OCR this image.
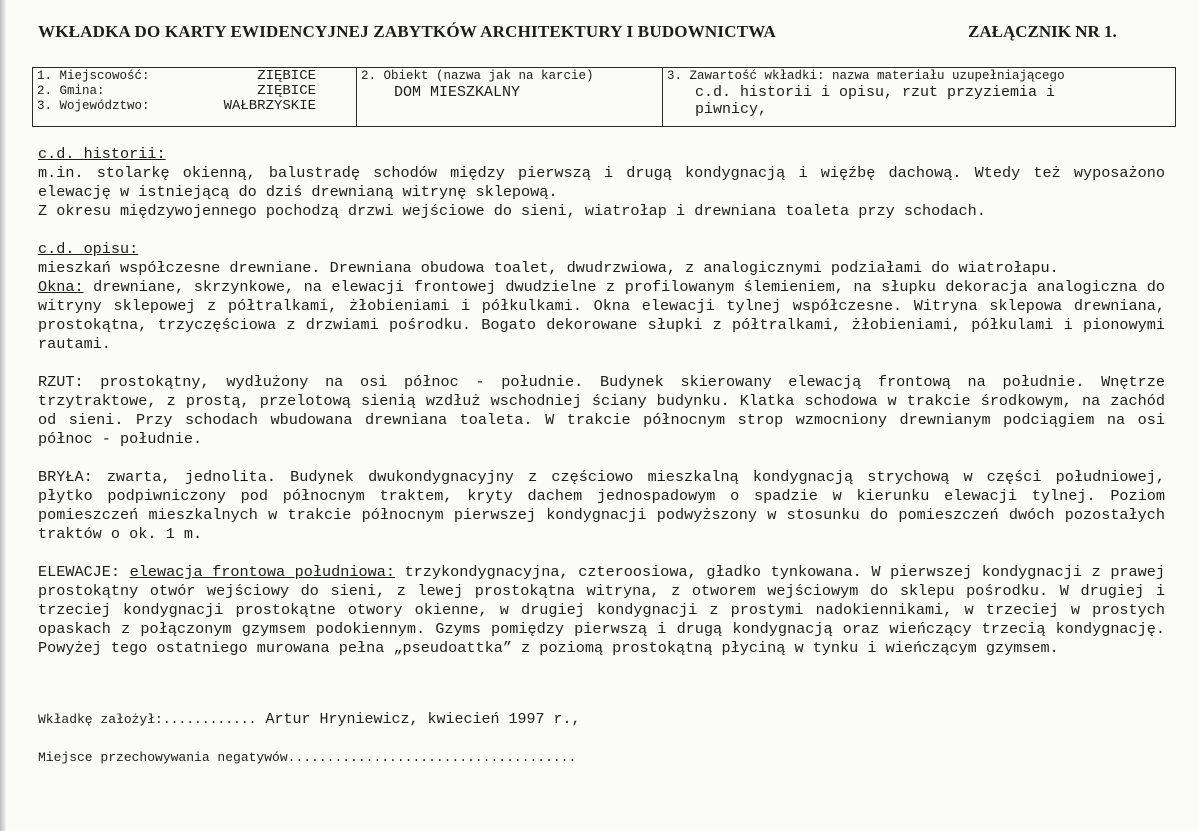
WKŁADKA DO KARTY EWIDENCYJNEJ ZABYTKÓW ARCHITEKTURY I BUDOWNICTWA	ZAŁĄCZNIK NR 1.
1. Miejscowość:	ZIĘBICE
2. Gmina:	ZIĘBICE
3. Województwo:	WAŁBRZYSKIE

2. Obiekt (nazwa jak na karcie)
DOM MIESZKALNY

3. Zawartość wkładki: nazwa materiału uzupełniającego
c.d. historii i opisu, rzut przyziemia i
piwnicy,

c.d. historii:

m.in. stolarkę okienną, balustradę schodów między pierwszą i drugą kondygnacją i więźbę dachową. Wtedy też wyposażono elewację w istniejącą do dziś drewnianą witrynę sklepową.

Z okresu międzywojennego pochodzą drzwi wejściowe do sieni, wiatrołap i drewniana toaleta przy schodach.

c.d. opisu:

mieszkań współczesne drewniane. Drewniana obudowa toalet, dwudrzwiowa, z analogicznymi podziałami do wiatrołapu.

Okna: drewniane, skrzynkowe, na elewacji frontowej dwudzielne z profilowanym ślemieniem, na słupku dekoracja analogiczna do witryny sklepowej z półtralkami, żłobieniami i półkulkami. Okna elewacji tylnej współczesne. Witryna sklepowa drewniana, prostokątna, trzyczęściowa z drzwiami pośrodku. Bogato dekorowane słupki z półtralkami, żłobieniami, półkulami i pionowymi rautami.

RZUT: prostokątny, wydłużony na osi północ - południe. Budynek skierowany elewacją frontową na południe. Wnętrze trzytraktowe, z prostą, przelotową sienią wzdłuż wschodniej ściany budynku. Klatka schodowa w trakcie środkowym, na zachód od sieni. Przy schodach wbudowana drewniana toaleta. W trakcie północnym strop wzmocniony drewnianym podciągiem na osi północ - południe.

BRYŁA: zwarta, jednolita. Budynek dwukondygnacyjny z częściowo mieszkalną kondygnacją strychową w części południowej, płytko podpiwniczony pod północnym traktem, kryty dachem jednospadowym o spadzie w kierunku elewacji tylnej. Poziom pomieszczeń mieszkalnych w trakcie północnym pierwszej kondygnacji podwyższony w stosunku do pomieszczeń dwóch pozostałych traktów o ok. 1 m.

ELEWACJE: elewacja frontowa południowa: trzykondygnacyjna, czteroosiowa, gładko tynkowana. W pierwszej kondygnacji z prawej prostokątny otwór wejściowy do sieni, z lewej prostokątna witryna, z otworem wejściowym do sklepu pośrodku. W drugiej i trzeciej kondygnacji prostokątne otwory okienne, w drugiej kondygnacji z prostymi nadokiennikami, w trzeciej w prostych opaskach z połączonym gzymsem podokiennym. Gzyms pomiędzy pierwszą i drugą kondygnacją oraz wieńczący trzecią kondygnację. Powyżej tego ostatniego murowana pełna „pseudoattka” z poziomą prostokątną płyciną w tynku i wieńczącym gzymsem.

Wkładkę założył:............ Artur Hryniewicz, kwiecień 1997 r.,
Miejsce przechowywania negatywów.....................................
